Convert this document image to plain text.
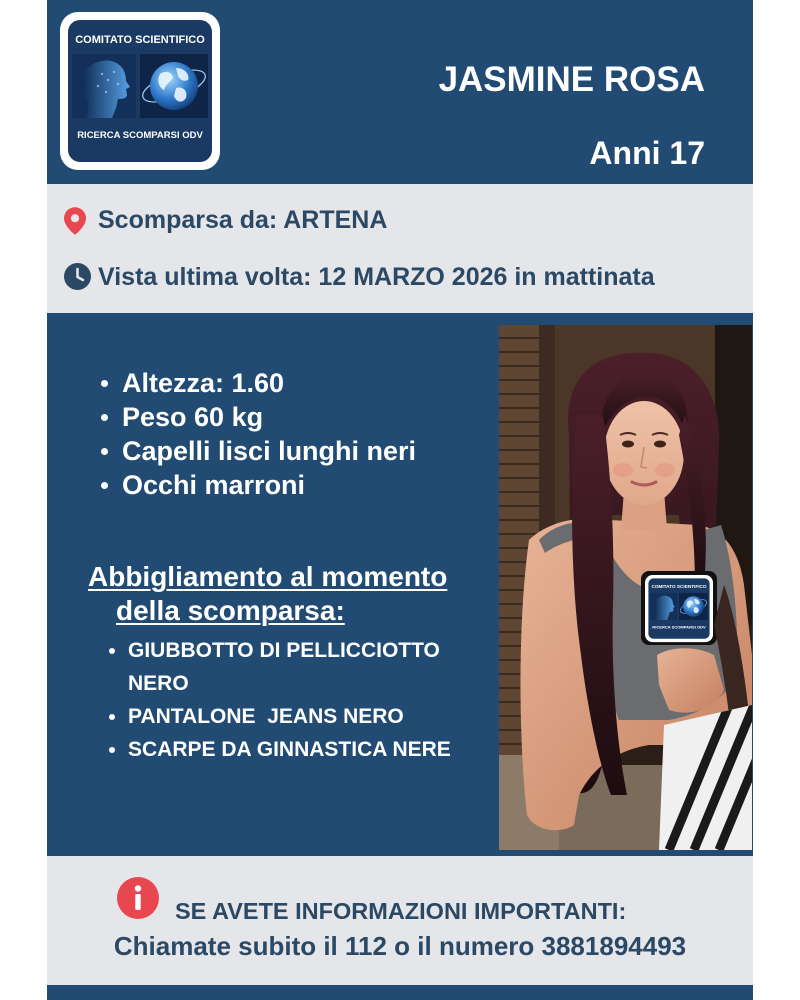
COMITATO SCIENTIFICO
RICERCA SCOMPARSI ODV
JASMINE ROSA
Anni 17
Scomparsa da: ARTENA
Vista ultima volta: 12 MARZO 2026 in mattinata
Altezza: 1.60
Peso 60 kg
Capelli lisci lunghi neri
Occhi marroni
Abbigliamento al momento della scomparsa:
GIUBBOTTO DI PELLICCIOTTO NERO
PANTALONE  JEANS NERO
SCARPE DA GINNASTICA NERE
COMITATO SCIENTIFICO
RICERCA SCOMPARSI ODV
SE AVETE INFORMAZIONI IMPORTANTI:
Chiamate subito il 112 o il numero 3881894493
